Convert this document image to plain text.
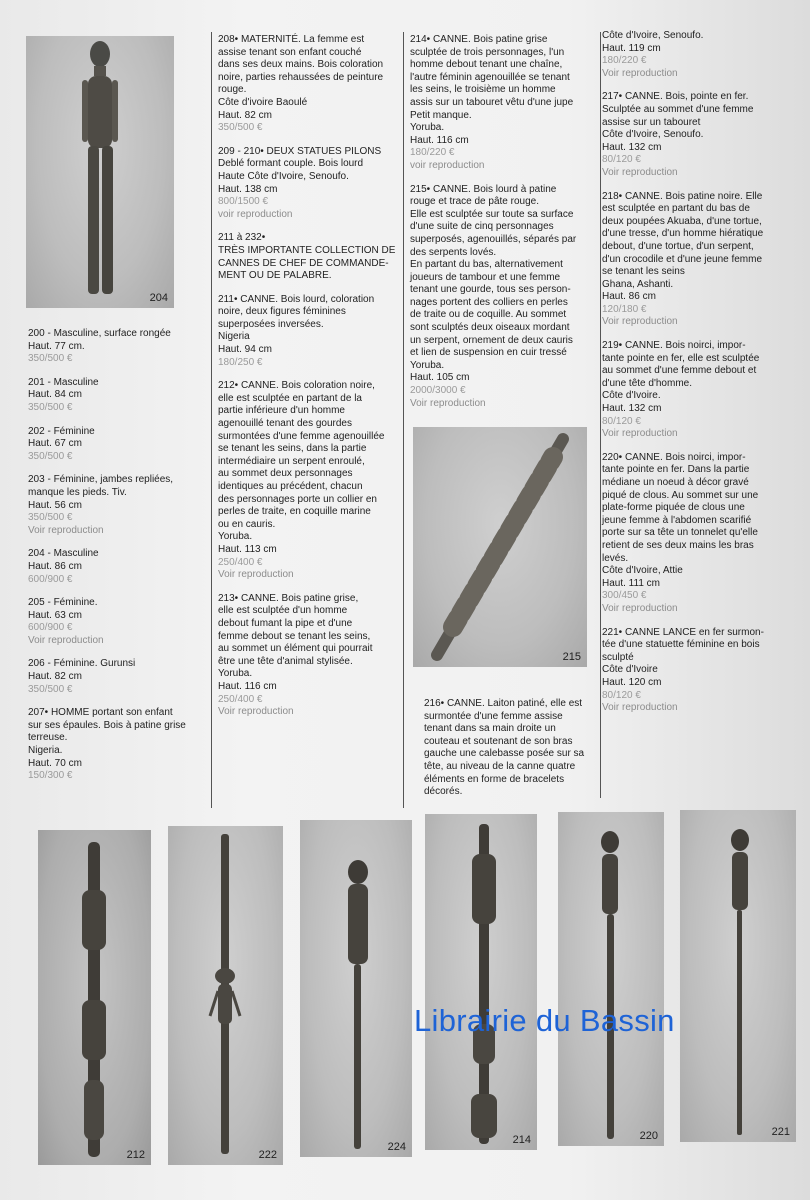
204

200 - Masculine, surface rongée
Haut. 77 cm.
350/500 €

201 - Masculine
Haut. 84 cm
350/500 €

202 - Féminine
Haut. 67 cm
350/500 €

203 - Féminine, jambes repliées,
manque les pieds. Tiv.
Haut. 56 cm
350/500 €
Voir reproduction

204 - Masculine
Haut. 86 cm
600/900 €

205 - Féminine.
Haut. 63 cm
600/900 €
Voir reproduction

206 - Féminine. Gurunsi
Haut. 82 cm
350/500 €

207• HOMME portant son enfant
sur ses épaules. Bois à patine grise
terreuse.
Nigeria.
Haut. 70 cm
150/300 €

208• MATERNITÉ. La femme est
assise tenant son enfant couché
dans ses deux mains. Bois coloration
noire, parties rehaussées de peinture
rouge.
Côte d'ivoire Baoulé
Haut. 82 cm
350/500 €

209 - 210• DEUX STATUES PILONS
Deblé formant couple. Bois lourd
Haute Côte d'Ivoire, Senoufo.
Haut. 138 cm
800/1500 €
voir reproduction

211 à 232•
TRÈS IMPORTANTE COLLECTION DE
CANNES DE CHEF DE COMMANDE-
MENT OU DE PALABRE.

211• CANNE. Bois lourd, coloration
noire, deux figures féminines
superposées inversées.
Nigeria
Haut. 94 cm
180/250 €

212• CANNE. Bois coloration noire,
elle est sculptée en partant de la
partie inférieure d'un homme
agenouillé tenant des gourdes
surmontées d'une femme agenouillée
se tenant les seins, dans la partie
intermédiaire un serpent enroulé,
au sommet deux personnages
identiques au précédent, chacun
des personnages porte un collier en
perles de traite, en coquille marine
ou en cauris.
Yoruba.
Haut. 113 cm
250/400 €
Voir reproduction

213• CANNE. Bois patine grise,
elle est sculptée d'un homme
debout fumant la pipe et d'une
femme debout se tenant les seins,
au sommet un élément qui pourrait
être une tête d'animal stylisée.
Yoruba.
Haut. 116 cm
250/400 €
Voir reproduction

214• CANNE. Bois patine grise
sculptée de trois personnages, l'un
homme debout tenant une chaîne,
l'autre féminin agenouillée se tenant
les seins, le troisième un homme
assis sur un tabouret vêtu d'une jupe
Petit manque.
Yoruba.
Haut. 116 cm
180/220 €
voir reproduction

215• CANNE. Bois lourd à patine
rouge et trace de pâte rouge.
Elle est sculptée sur toute sa surface
d'une suite de cinq personnages
superposés, agenouillés, séparés par
des serpents lovés.
En partant du bas, alternativement
joueurs de tambour et une femme
tenant une gourde, tous ses person-
nages portent des colliers en perles
de traite ou de coquille. Au sommet
sont sculptés deux oiseaux mordant
un serpent, ornement de deux cauris
et lien de suspension en cuir tressé
Yoruba.
Haut. 105 cm
2000/3000 €
Voir reproduction

215

216• CANNE. Laiton patiné, elle est
surmontée d'une femme assise
tenant dans sa main droite un
couteau et soutenant de son bras
gauche une calebasse posée sur sa
tête, au niveau de la canne quatre
éléments en forme de bracelets
décorés.

Côte d'Ivoire, Senoufo.
Haut. 119 cm
180/220 €
Voir reproduction

217• CANNE. Bois, pointe en fer.
Sculptée au sommet d'une femme
assise sur un tabouret
Côte d'Ivoire, Senoufo.
Haut. 132 cm
80/120 €
Voir reproduction

218• CANNE. Bois patine noire. Elle
est sculptée en partant du bas de
deux poupées Akuaba, d'une tortue,
d'une tresse, d'un homme hiératique
debout, d'une tortue, d'un serpent,
d'un crocodile et d'une jeune femme
se tenant les seins
Ghana, Ashanti.
Haut. 86 cm
120/180 €
Voir reproduction

219• CANNE. Bois noirci, impor-
tante pointe en fer, elle est sculptée
au sommet d'une femme debout et
d'une tête d'homme.
Côte d'Ivoire.
Haut. 132 cm
80/120 €
Voir reproduction

220• CANNE. Bois noirci, impor-
tante pointe en fer. Dans la partie
médiane un noeud à décor gravé
piqué de clous. Au sommet sur une
plate-forme piquée de clous une
jeune femme à l'abdomen scarifié
porte sur sa tête un tonnelet qu'elle
retient de ses deux mains les bras
levés.
Côte d'Ivoire, Attie
Haut. 111 cm
300/450 €
Voir reproduction

221• CANNE LANCE en fer surmon-
tée d'une statuette féminine en bois
sculpté
Côte d'Ivoire
Haut. 120 cm
80/120 €
Voir reproduction

212	222
224
214	220	221
Librairie du Bassin
